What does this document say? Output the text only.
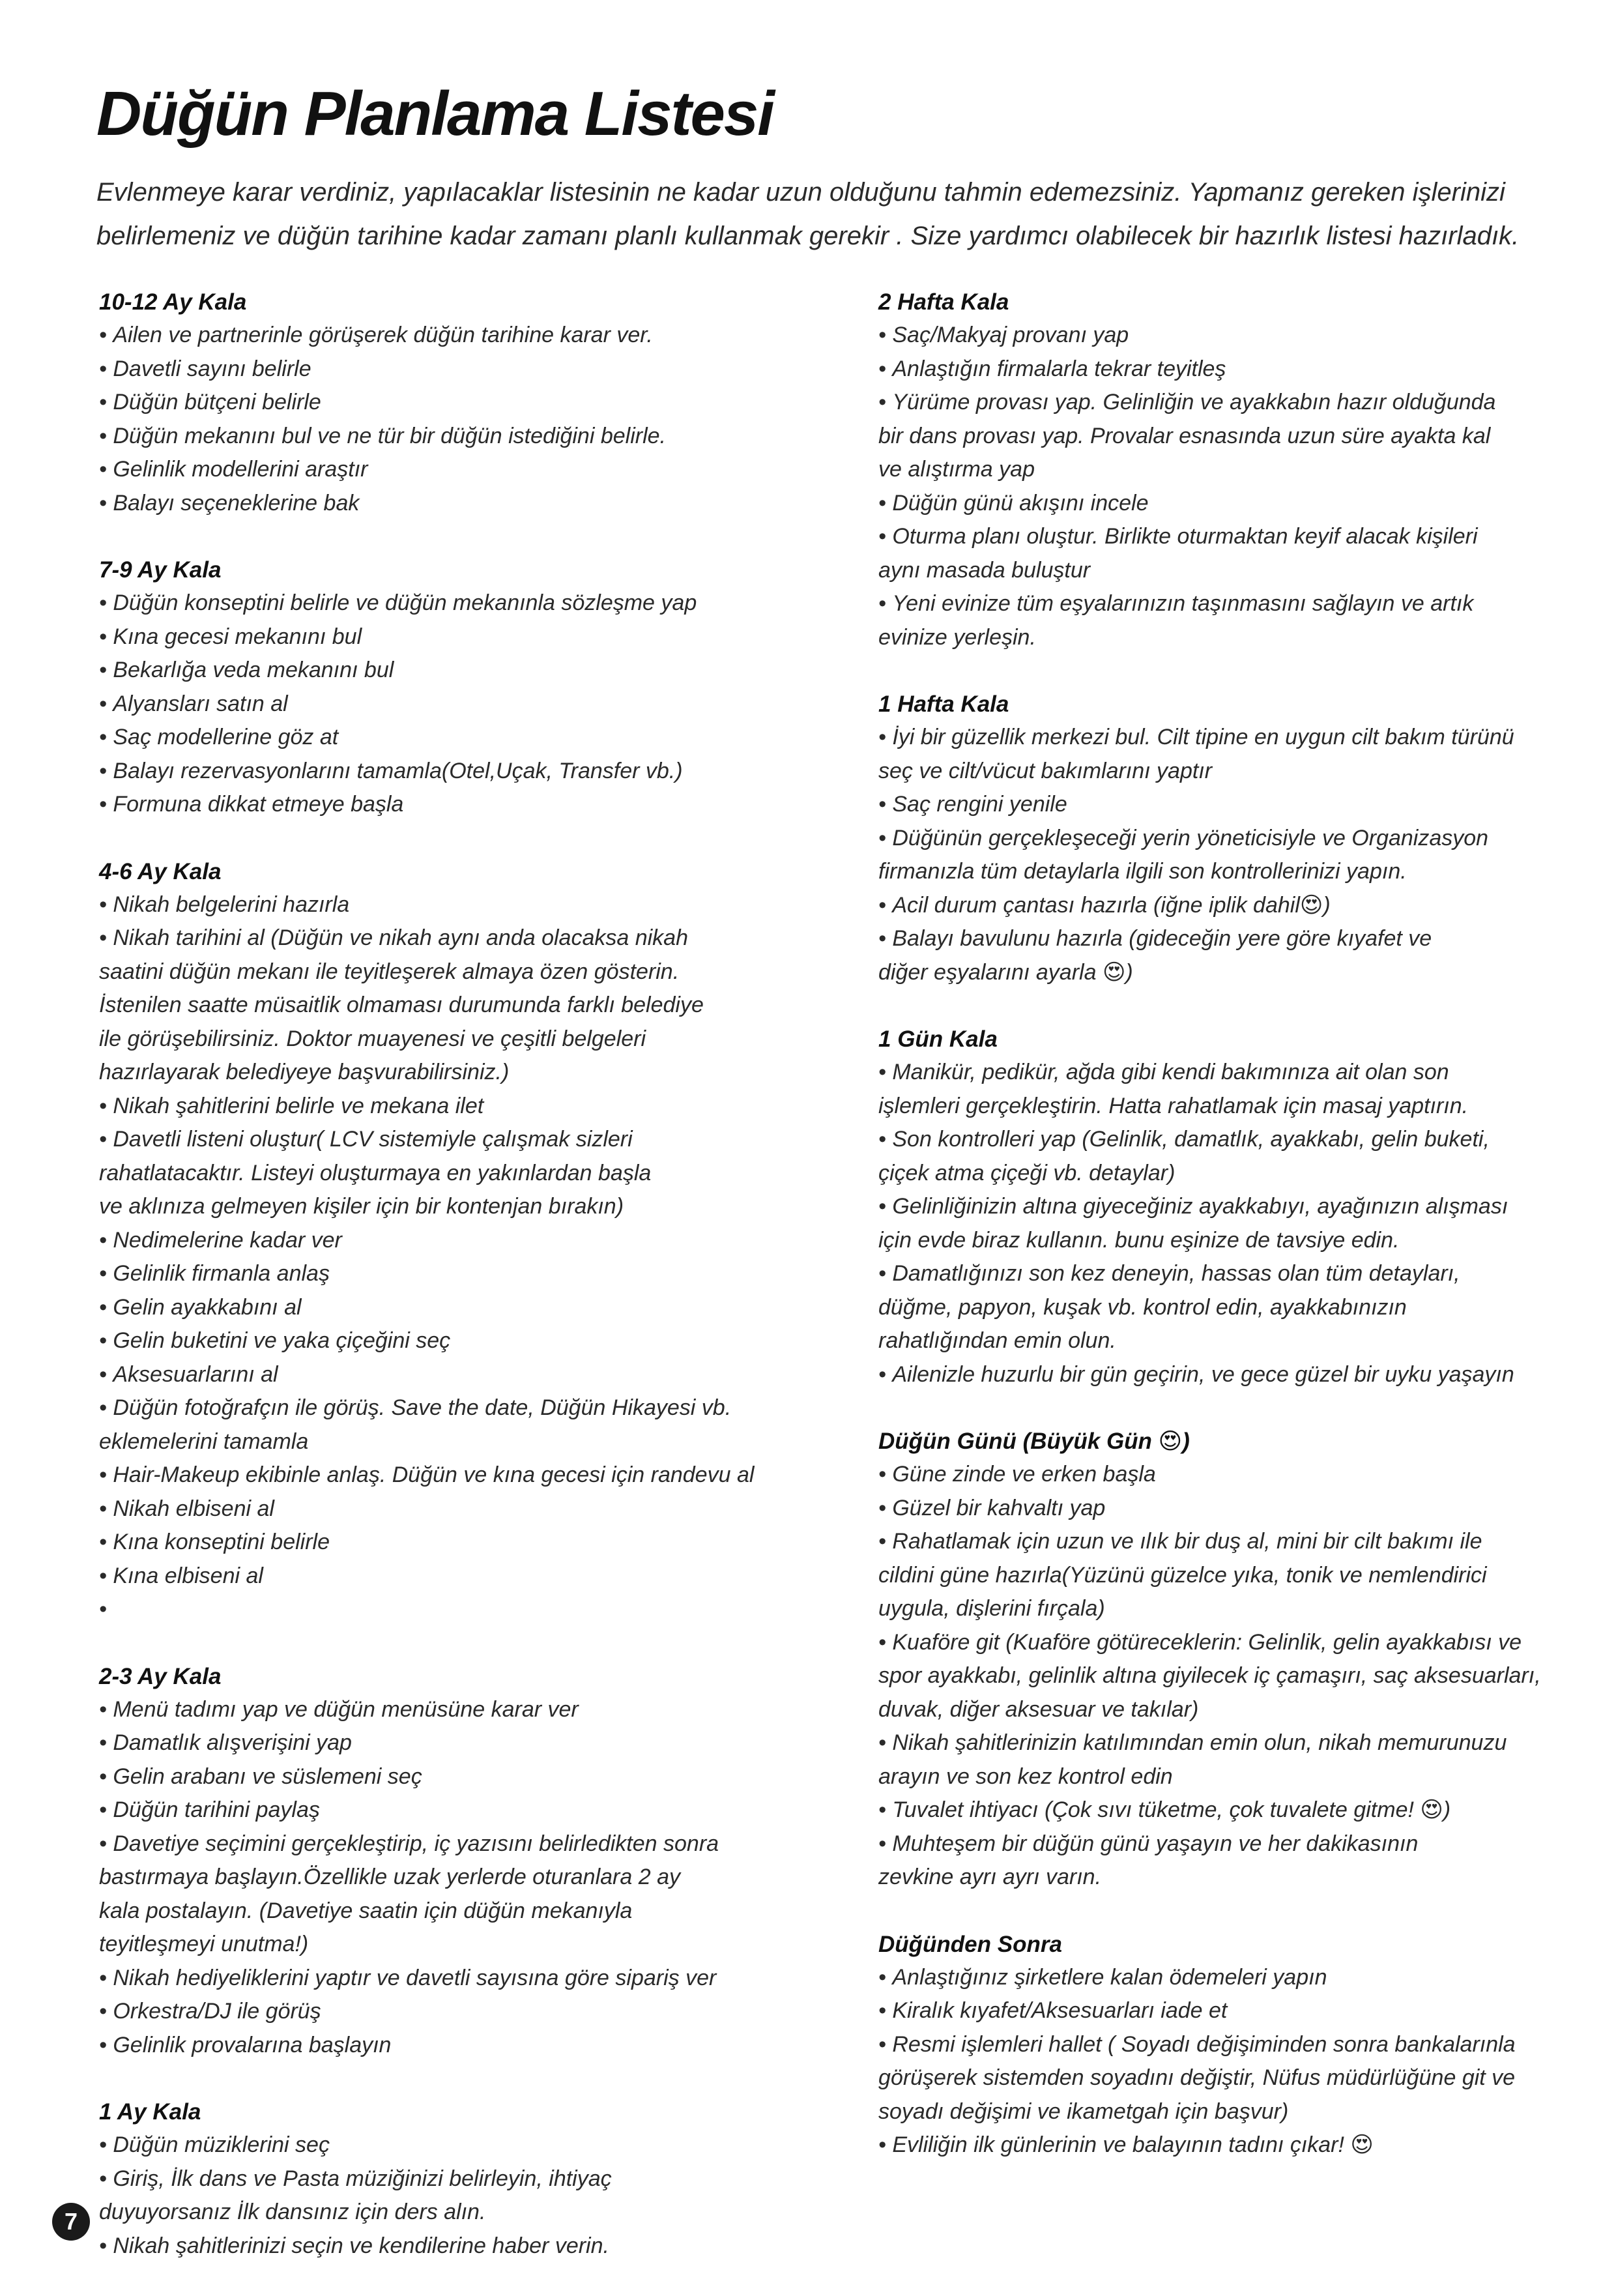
Düğün Planlama Listesi

Evlenmeye karar verdiniz, yapılacaklar listesinin ne kadar uzun olduğunu tahmin edemezsiniz. Yapmanız gereken işlerinizi belirlemeniz ve düğün tarihine kadar zamanı planlı kullanmak gerekir . Size yardımcı olabilecek bir hazırlık listesi hazırladık.

10-12 Ay Kala
• Ailen ve partnerinle görüşerek düğün tarihine karar ver.
• Davetli sayını belirle
• Düğün bütçeni belirle
• Düğün mekanını bul ve ne tür bir düğün istediğini belirle.
• Gelinlik modellerini araştır
• Balayı seçeneklerine bak
7-9 Ay Kala
• Düğün konseptini belirle ve düğün mekanınla sözleşme yap
• Kına gecesi mekanını bul
• Bekarlığa veda mekanını bul
• Alyansları satın al
• Saç modellerine göz at
• Balayı rezervasyonlarını tamamla(Otel,Uçak, Transfer vb.)
• Formuna dikkat etmeye başla
4-6 Ay Kala
• Nikah belgelerini hazırla
• Nikah tarihini al (Düğün ve nikah aynı anda olacaksa nikah
saatini düğün mekanı ile teyitleşerek almaya özen gösterin.
İstenilen saatte müsaitlik olmaması durumunda farklı belediye
ile görüşebilirsiniz. Doktor muayenesi ve çeşitli belgeleri
hazırlayarak belediyeye başvurabilirsiniz.)
• Nikah şahitlerini belirle ve mekana ilet
• Davetli listeni oluştur( LCV sistemiyle çalışmak sizleri
rahatlatacaktır. Listeyi oluşturmaya en yakınlardan başla
ve aklınıza gelmeyen kişiler için bir kontenjan bırakın)
• Nedimelerine kadar ver
• Gelinlik firmanla anlaş
• Gelin ayakkabını al
• Gelin buketini ve yaka çiçeğini seç
• Aksesuarlarını al
• Düğün fotoğrafçın ile görüş. Save the date, Düğün Hikayesi vb.
eklemelerini tamamla
• Hair-Makeup ekibinle anlaş. Düğün ve kına gecesi için randevu al
• Nikah elbiseni al
• Kına konseptini belirle
• Kına elbiseni al
•
2-3 Ay Kala
• Menü tadımı yap ve düğün menüsüne karar ver
• Damatlık alışverişini yap
• Gelin arabanı ve süslemeni seç
• Düğün tarihini paylaş
• Davetiye seçimini gerçekleştirip, iç yazısını belirledikten sonra
bastırmaya başlayın.Özellikle uzak yerlerde oturanlara 2 ay
kala postalayın. (Davetiye saatin için düğün mekanıyla
teyitleşmeyi unutma!)
• Nikah hediyeliklerini yaptır ve davetli sayısına göre sipariş ver
• Orkestra/DJ ile görüş
• Gelinlik provalarına başlayın
1 Ay Kala
• Düğün müziklerini seç
• Giriş, İlk dans ve Pasta müziğinizi belirleyin, ihtiyaç
duyuyorsanız İlk dansınız için ders alın.
• Nikah şahitlerinizi seçin ve kendilerine haber verin.
2 Hafta Kala
• Saç/Makyaj provanı yap
• Anlaştığın firmalarla tekrar teyitleş
• Yürüme provası yap. Gelinliğin ve ayakkabın hazır olduğunda
bir dans provası yap. Provalar esnasında uzun süre ayakta kal
ve alıştırma yap
• Düğün günü akışını incele
• Oturma planı oluştur. Birlikte oturmaktan keyif alacak kişileri
aynı masada buluştur
• Yeni evinize tüm eşyalarınızın taşınmasını sağlayın ve artık
evinize yerleşin.
1 Hafta Kala
• İyi bir güzellik merkezi bul. Cilt tipine en uygun cilt bakım türünü
seç ve cilt/vücut bakımlarını yaptır
• Saç rengini yenile
• Düğünün gerçekleşeceği yerin yöneticisiyle ve Organizasyon
firmanızla tüm detaylarla ilgili son kontrollerinizi yapın.
• Acil durum çantası hazırla (iğne iplik dahil😍)
• Balayı bavulunu hazırla (gideceğin yere göre kıyafet ve
diğer eşyalarını ayarla 😍)
1 Gün Kala
• Manikür, pedikür, ağda gibi kendi bakımınıza ait olan son
işlemleri gerçekleştirin. Hatta rahatlamak için masaj yaptırın.
• Son kontrolleri yap (Gelinlik, damatlık, ayakkabı, gelin buketi,
çiçek atma çiçeği vb. detaylar)
• Gelinliğinizin altına giyeceğiniz ayakkabıyı, ayağınızın alışması
için evde biraz kullanın. bunu eşinize de tavsiye edin.
• Damatlığınızı son kez deneyin, hassas olan tüm detayları,
düğme, papyon, kuşak vb. kontrol edin, ayakkabınızın
rahatlığından emin olun.
• Ailenizle huzurlu bir gün geçirin, ve gece güzel bir uyku yaşayın
Düğün Günü (Büyük Gün 😍)
• Güne zinde ve erken başla
• Güzel bir kahvaltı yap
• Rahatlamak için uzun ve ılık bir duş al, mini bir cilt bakımı ile
cildini güne hazırla(Yüzünü güzelce yıka, tonik ve nemlendirici
uygula, dişlerini fırçala)
• Kuaföre git (Kuaföre götüreceklerin: Gelinlik, gelin ayakkabısı ve
spor ayakkabı, gelinlik altına giyilecek iç çamaşırı, saç aksesuarları,
duvak, diğer aksesuar ve takılar)
• Nikah şahitlerinizin katılımından emin olun, nikah memurunuzu
arayın ve son kez kontrol edin
• Tuvalet ihtiyacı (Çok sıvı tüketme, çok tuvalete gitme! 😍)
• Muhteşem bir düğün günü yaşayın ve her dakikasının
zevkine ayrı ayrı varın.
Düğünden Sonra
• Anlaştığınız şirketlere kalan ödemeleri yapın
• Kiralık kıyafet/Aksesuarları iade et
• Resmi işlemleri hallet ( Soyadı değişiminden sonra bankalarınla
görüşerek sistemden soyadını değiştir, Nüfus müdürlüğüne git ve
soyadı değişimi ve ikametgah için başvur)
• Evliliğin ilk günlerinin ve balayının tadını çıkar! 😍
7
